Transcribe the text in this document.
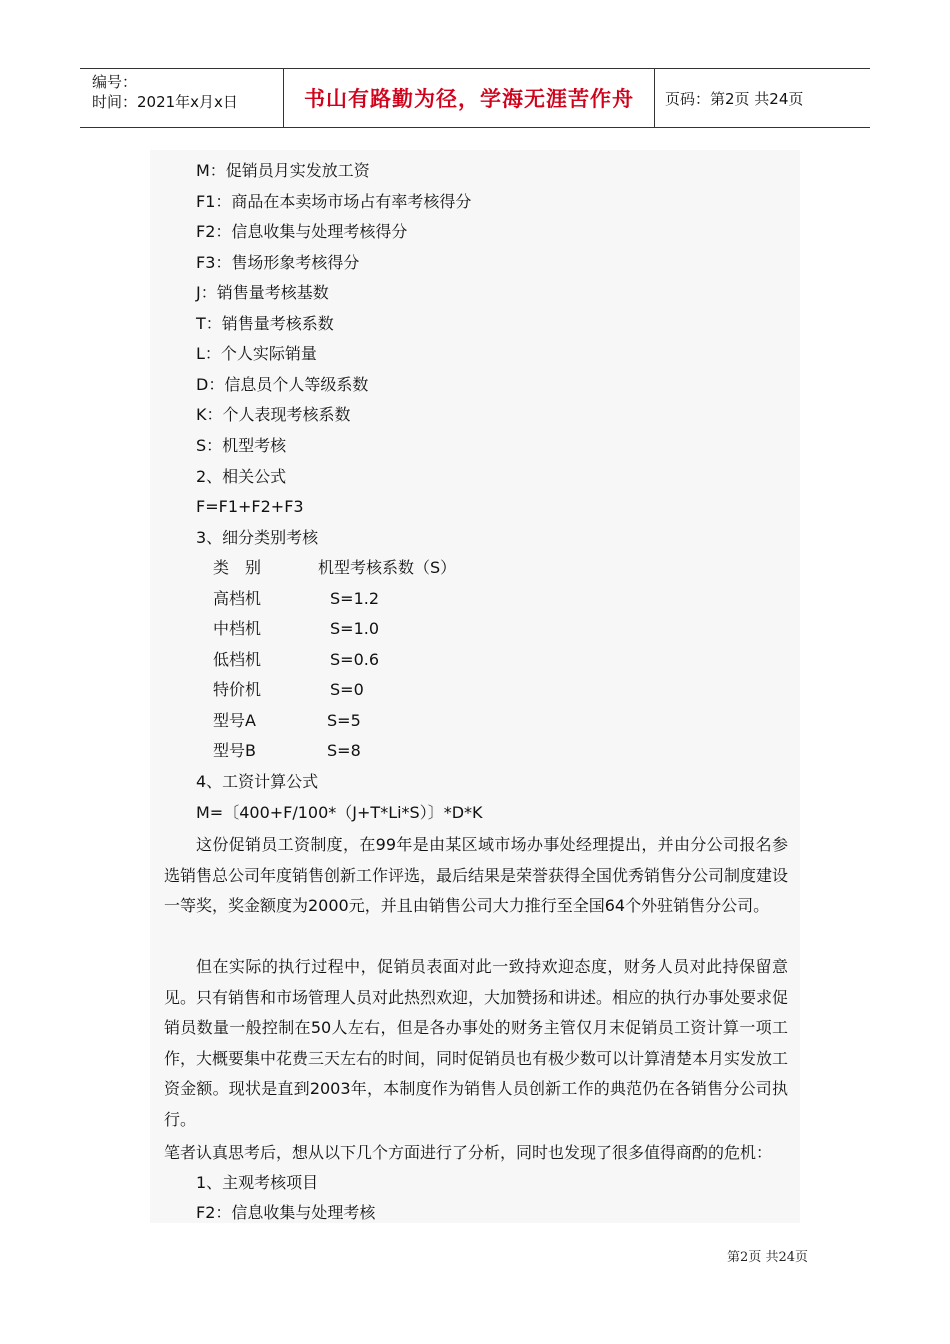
编号：
时间：2021年x月x日	书山有路勤为径，学海无涯苦作舟	页码：第2页 共24页
M：促销员月实发放工资
F1：商品在本卖场市场占有率考核得分
F2：信息收集与处理考核得分
F3：售场形象考核得分
J：销售量考核基数
T：销售量考核系数
L：个人实际销量
D：信息员个人等级系数
K：个人表现考核系数
S：机型考核
2、相关公式
F=F1+F2+F3
3、细分类别考核
类　别	机型考核系数（S）
高档机	S=1.2
中档机	S=1.0
低档机	S=0.6
特价机	S=0
型号A	S=5
型号B	S=8
4、工资计算公式
M=〔400+F/100*（J+T*Li*S）〕*D*K
这份促销员工资制度，在99年是由某区域市场办事处经理提出，并由分公司报名参选销售总公司年度销售创新工作评选，最后结果是荣誉获得全国优秀销售分公司制度建设一等奖，奖金额度为2000元，并且由销售公司大力推行至全国64个外驻销售分公司。
但在实际的执行过程中，促销员表面对此一致持欢迎态度，财务人员对此持保留意见。只有销售和市场管理人员对此热烈欢迎，大加赞扬和讲述。相应的执行办事处要求促销员数量一般控制在50人左右，但是各办事处的财务主管仅月末促销员工资计算一项工作，大概要集中花费三天左右的时间，同时促销员也有极少数可以计算清楚本月实发放工资金额。现状是直到2003年，本制度作为销售人员创新工作的典范仍在各销售分公司执行。
笔者认真思考后，想从以下几个方面进行了分析，同时也发现了很多值得商酌的危机：
1、主观考核项目
F2：信息收集与处理考核
第2页 共24页
